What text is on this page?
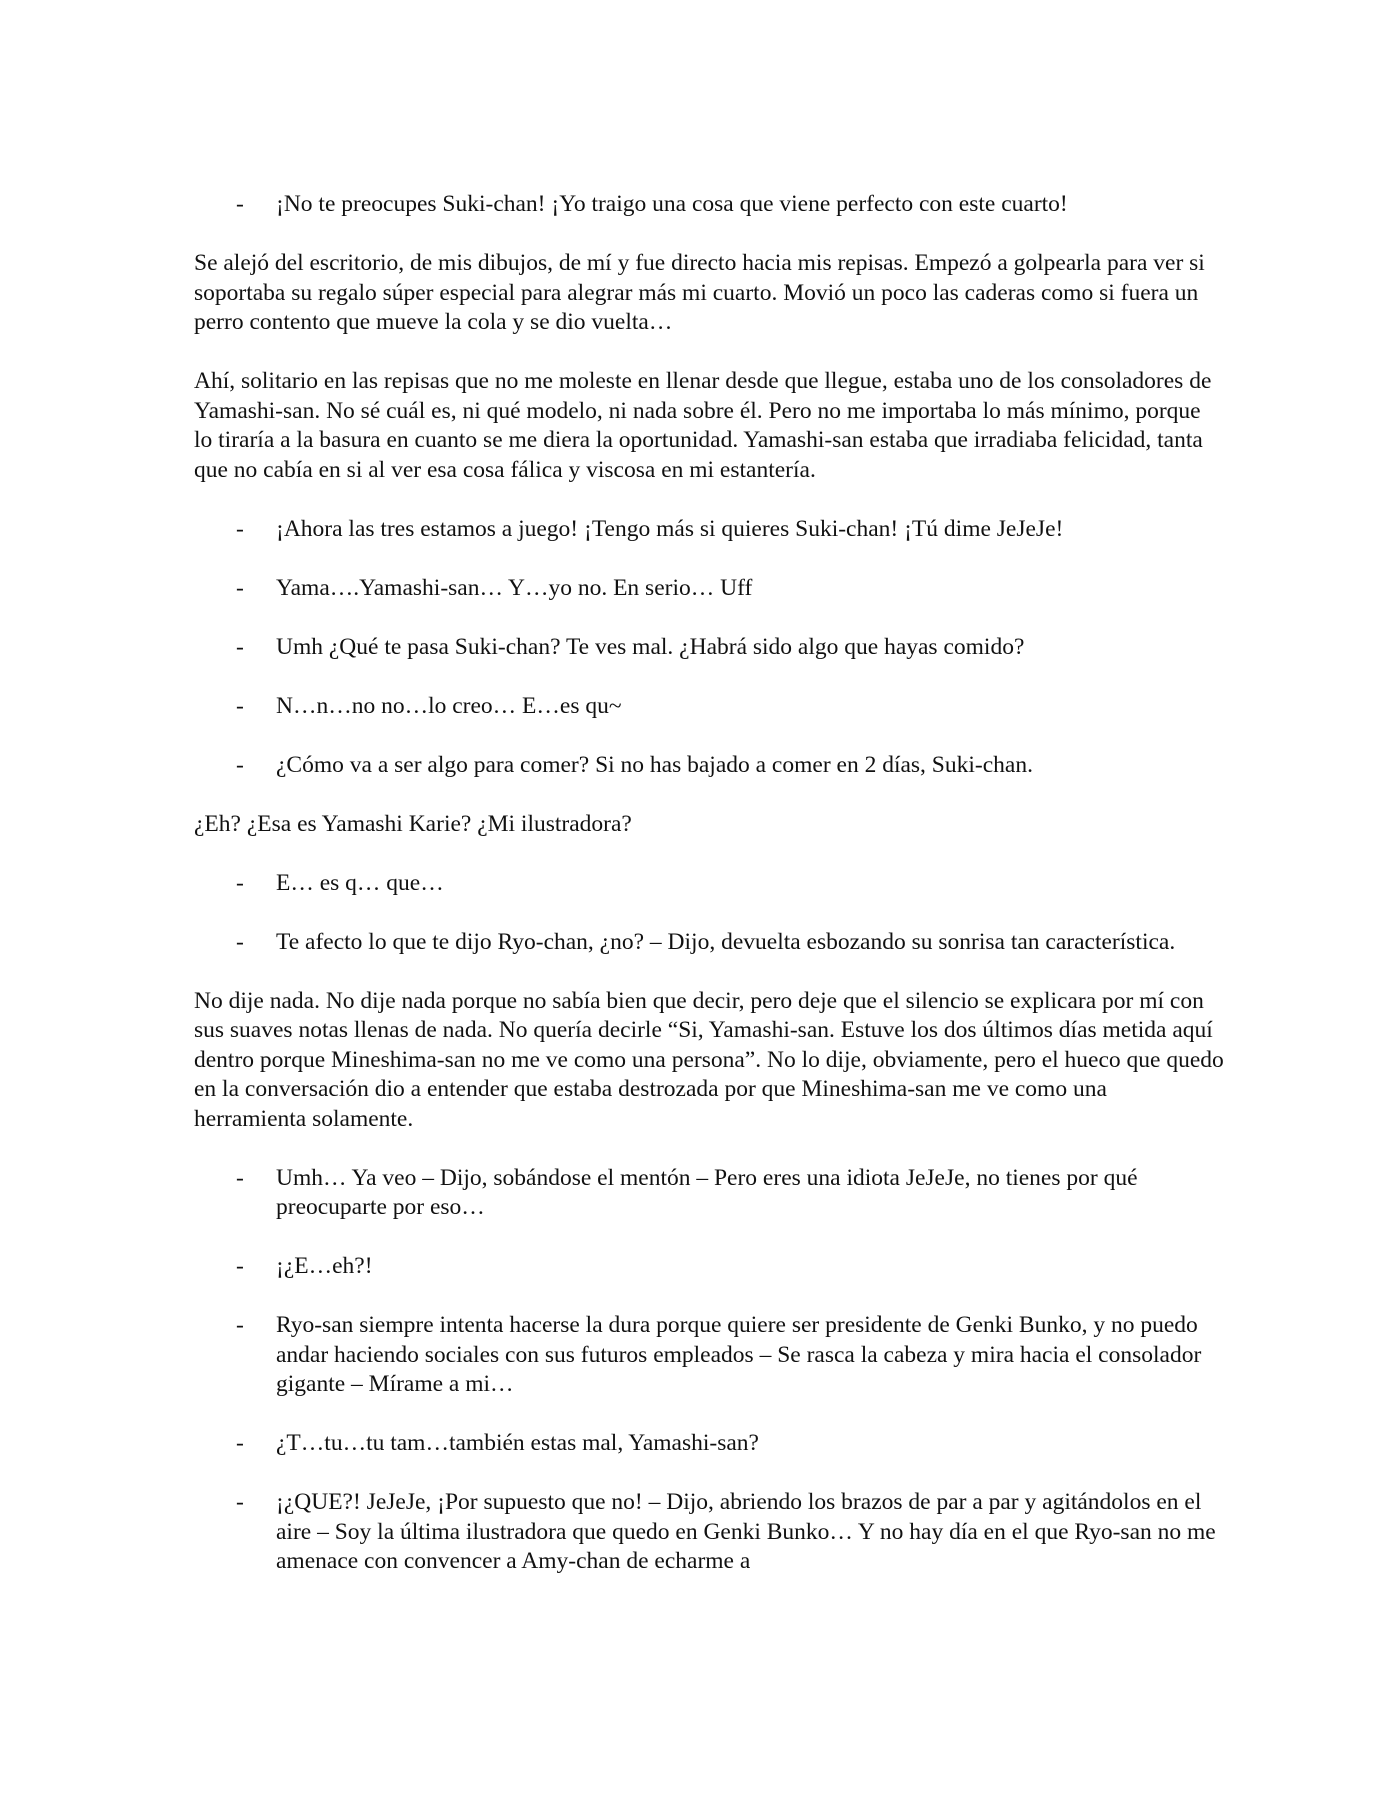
- ¡No te preocupes Suki-chan! ¡Yo traigo una cosa que viene perfecto con este cuarto!

Se alejó del escritorio, de mis dibujos, de mí y fue directo hacia mis repisas. Empezó a golpearla para ver si soportaba su regalo súper especial para alegrar más mi cuarto. Movió un poco las caderas como si fuera un perro contento que mueve la cola y se dio vuelta…

Ahí, solitario en las repisas que no me moleste en llenar desde que llegue, estaba uno de los consoladores de Yamashi-san. No sé cuál es, ni qué modelo, ni nada sobre él. Pero no me importaba lo más mínimo, porque lo tiraría a la basura en cuanto se me diera la oportunidad. Yamashi-san estaba que irradiaba felicidad, tanta que no cabía en si al ver esa cosa fálica y viscosa en mi estantería.

- ¡Ahora las tres estamos a juego! ¡Tengo más si quieres Suki-chan! ¡Tú dime JeJeJe!
- Yama….Yamashi-san… Y…yo no. En serio… Uff
- Umh ¿Qué te pasa Suki-chan? Te ves mal. ¿Habrá sido algo que hayas comido?
- N…n…no no…lo creo… E…es qu~
- ¿Cómo va a ser algo para comer? Si no has bajado a comer en 2 días, Suki-chan.

¿Eh? ¿Esa es Yamashi Karie? ¿Mi ilustradora?

- E… es q… que…
- Te afecto lo que te dijo Ryo-chan, ¿no? – Dijo, devuelta esbozando su sonrisa tan característica.

No dije nada. No dije nada porque no sabía bien que decir, pero deje que el silencio se explicara por mí con sus suaves notas llenas de nada. No quería decirle “Si, Yamashi-san. Estuve los dos últimos días metida aquí dentro porque Mineshima-san no me ve como una persona”. No lo dije, obviamente, pero el hueco que quedo en la conversación dio a entender que estaba destrozada por que Mineshima-san me ve como una herramienta solamente.

- Umh… Ya veo – Dijo, sobándose el mentón – Pero eres una idiota JeJeJe, no tienes por qué preocuparte por eso…
- ¡¿E…eh?!
- Ryo-san siempre intenta hacerse la dura porque quiere ser presidente de Genki Bunko, y no puedo andar haciendo sociales con sus futuros empleados – Se rasca la cabeza y mira hacia el consolador gigante – Mírame a mi…
- ¿T…tu…tu tam…también estas mal, Yamashi-san?
- ¡¿QUE?! JeJeJe, ¡Por supuesto que no! – Dijo, abriendo los brazos de par a par y agitándolos en el aire – Soy la última ilustradora que quedo en Genki Bunko… Y no hay día en el que Ryo-san no me amenace con convencer a Amy-chan de echarme a
